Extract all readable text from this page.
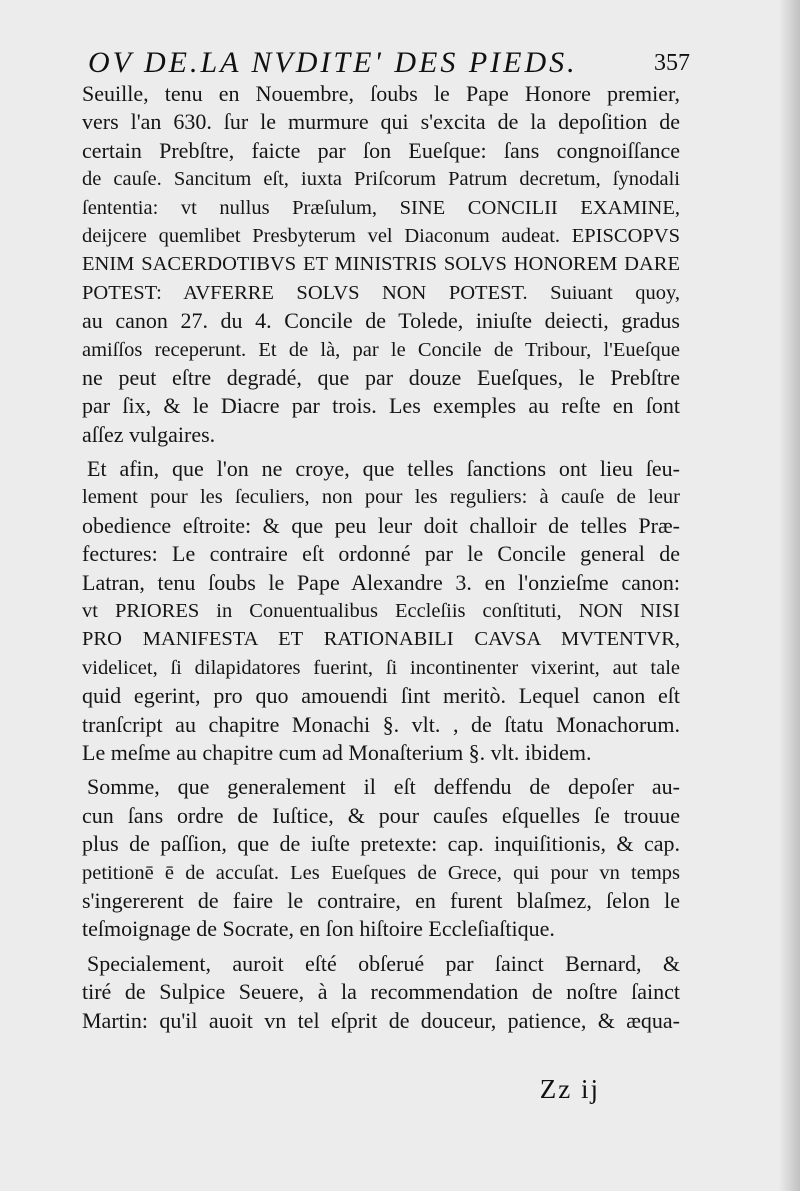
OV DE.LA NVDITE' DES PIEDS.	357
Seuille, tenu en Nouembre, ſoubs le Pape Honore premier,
vers l'an 630. ſur le murmure qui s'excita de la depoſition de
certain Prebſtre, faicte par ſon Eueſque: ſans congnoiſſance
de cauſe. Sancitum eſt, iuxta Priſcorum Patrum decretum, ſynodali
ſententia: vt nullus Præſulum, SINE CONCILII EXAMINE,
deijcere quemlibet Presbyterum vel Diaconum audeat. EPISCOPVS
ENIM SACERDOTIBVS ET MINISTRIS SOLVS HONOREM DARE
POTEST: AVFERRE SOLVS NON POTEST. Suiuant quoy,
au canon 27. du 4. Concile de Tolede, iniuſte deiecti, gradus
amiſſos receperunt. Et de là, par le Concile de Tribour, l'Eueſque
ne peut eſtre degradé, que par douze Eueſques, le Prebſtre
par ſix, & le Diacre par trois. Les exemples au reſte en ſont
aſſez vulgaires.
Et afin, que l'on ne croye, que telles ſanctions ont lieu ſeu-
lement pour les ſeculiers, non pour les reguliers: à cauſe de leur
obedience eſtroite: & que peu leur doit challoir de telles Præ-
fectures: Le contraire eſt ordonné par le Concile general de
Latran, tenu ſoubs le Pape Alexandre 3. en l'onzieſme canon:
vt PRIORES in Conuentualibus Eccleſiis conſtituti, NON NISI
PRO MANIFESTA ET RATIONABILI CAVSA MVTENTVR,
videlicet, ſi dilapidatores fuerint, ſi incontinenter vixerint, aut tale
quid egerint, pro quo amouendi ſint meritò. Lequel canon eſt
tranſcript au chapitre Monachi §. vlt. , de ſtatu Monachorum.
Le meſme au chapitre cum ad Monaſterium §. vlt. ibidem.
Somme, que generalement il eſt deffendu de depoſer au-
cun ſans ordre de Iuſtice, & pour cauſes eſquelles ſe trouue
plus de paſſion, que de iuſte pretexte: cap. inquiſitionis, & cap.
petitionē ē de accuſat. Les Eueſques de Grece, qui pour vn temps
s'ingererent de faire le contraire, en furent blaſmez, ſelon le
teſmoignage de Socrate, en ſon hiſtoire Eccleſiaſtique.
Specialement, auroit eſté obſerué par ſainct Bernard, &
tiré de Sulpice Seuere, à la recommendation de noſtre ſainct
Martin: qu'il auoit vn tel eſprit de douceur, patience, & æqua-
Zz ij
